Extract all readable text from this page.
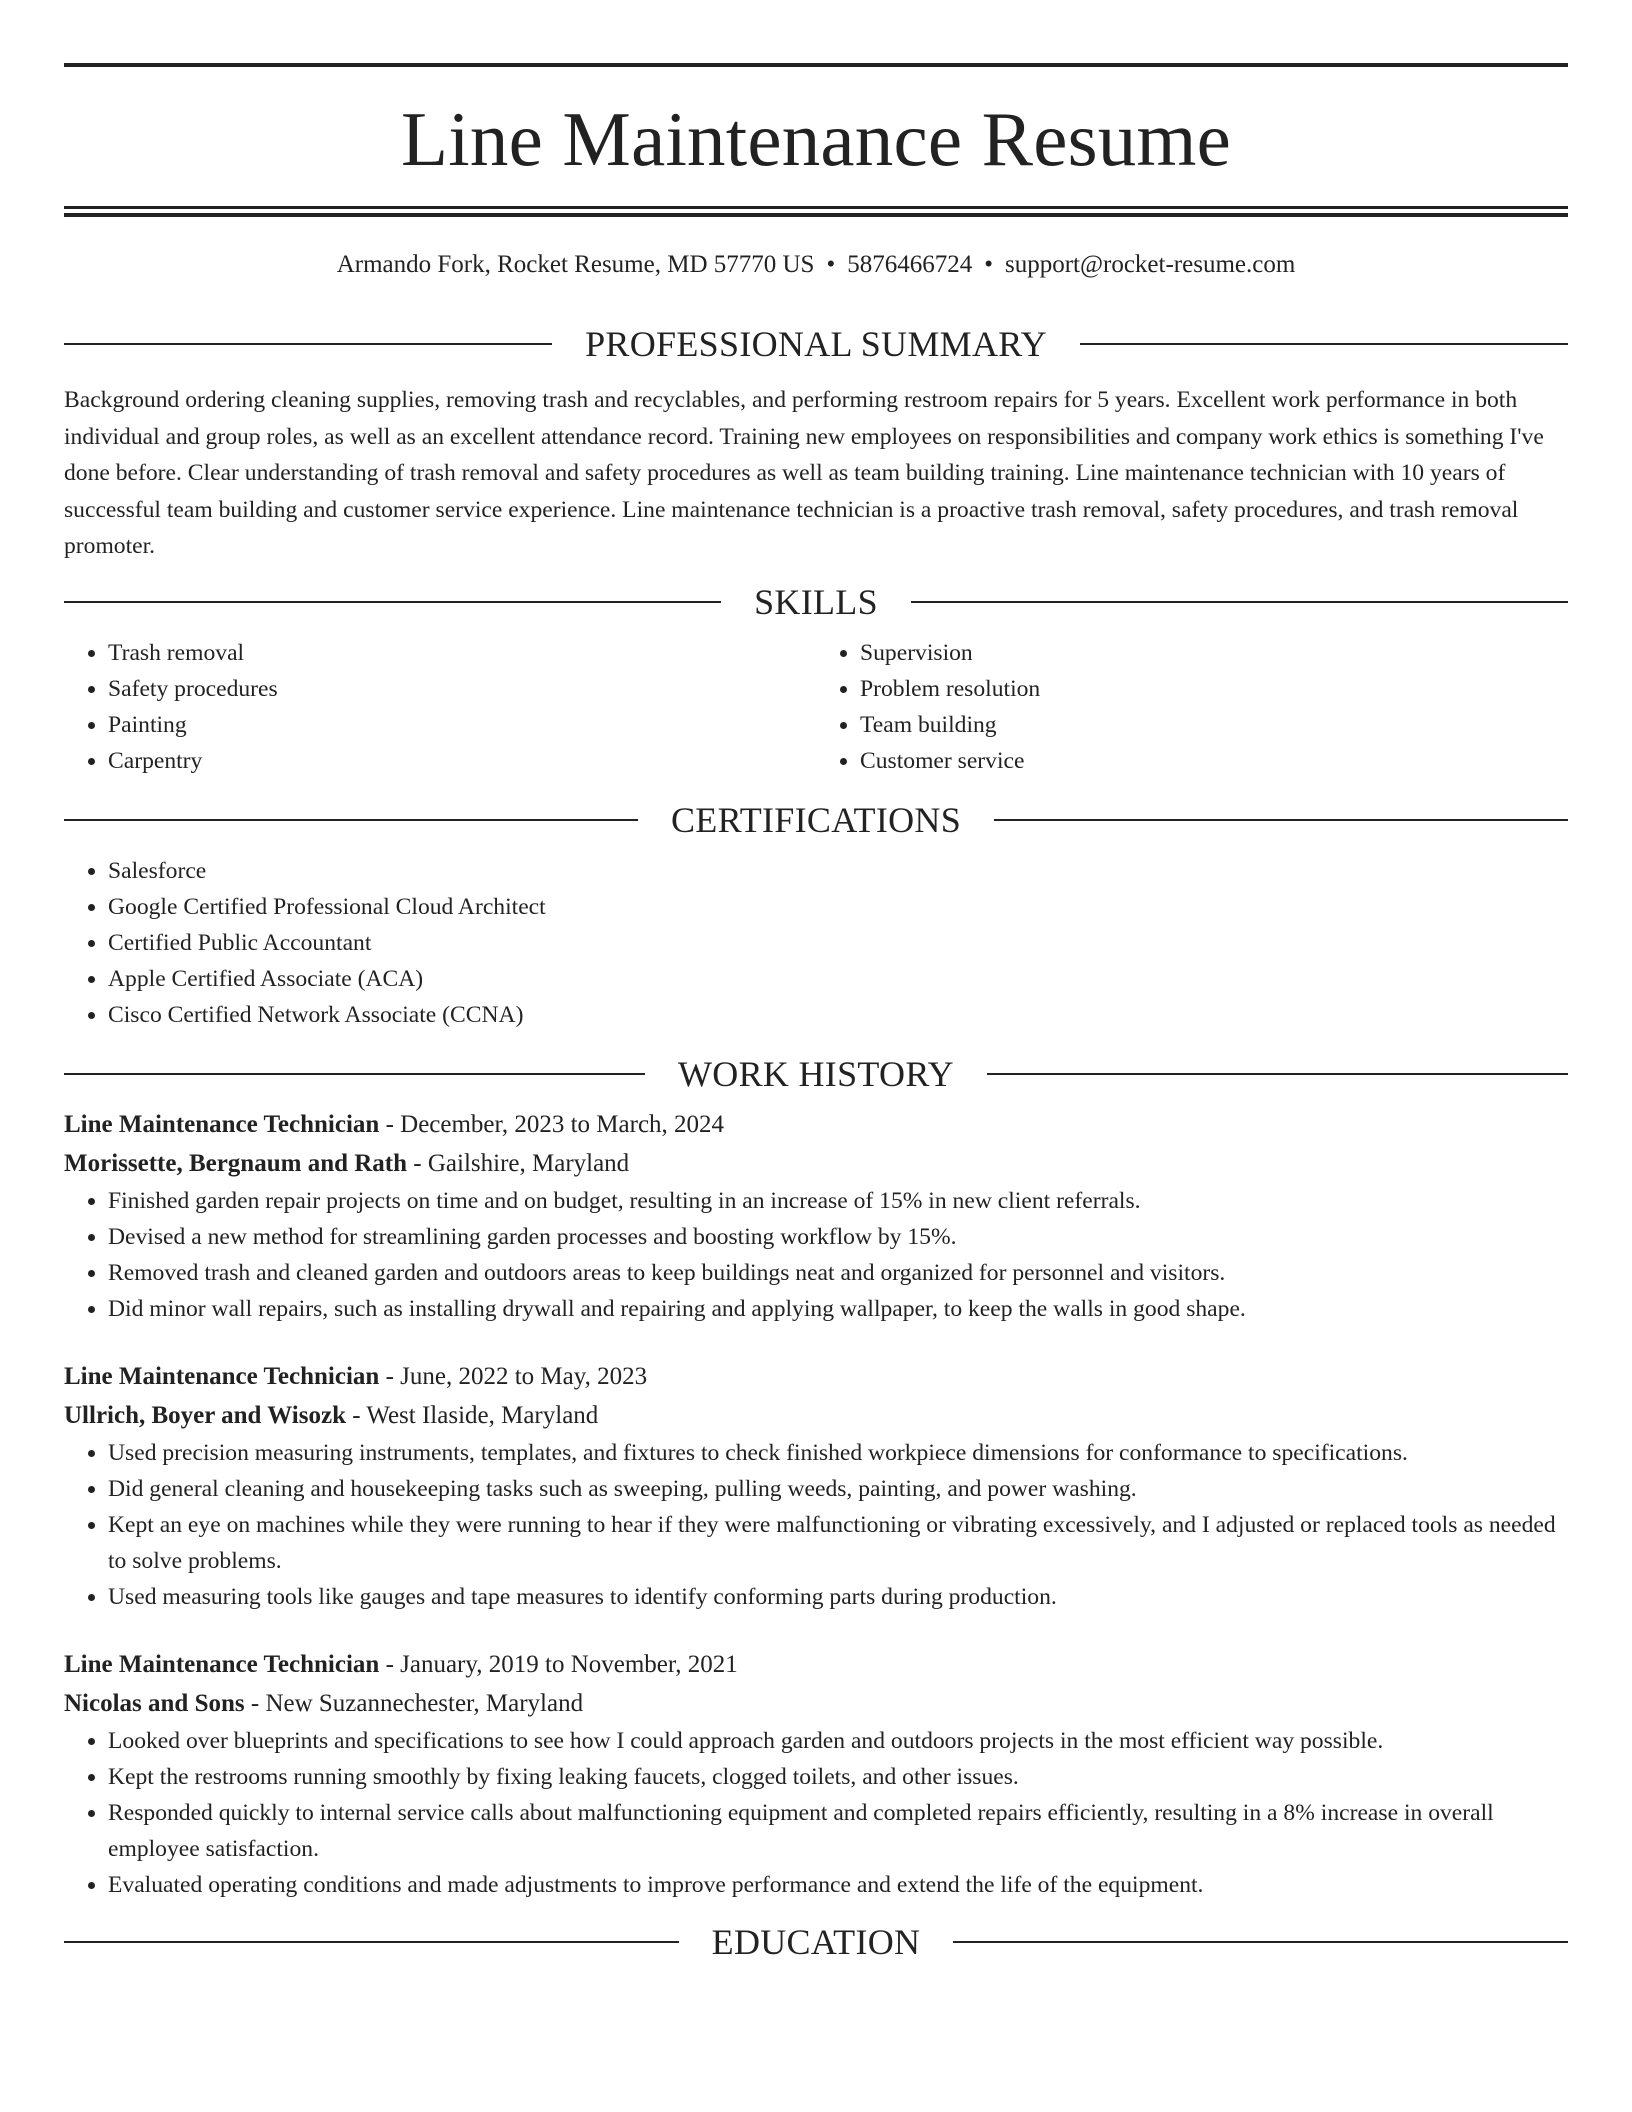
Line Maintenance Resume
Armando Fork, Rocket Resume, MD 57770 US • 5876466724 • support@rocket-resume.com
PROFESSIONAL SUMMARY
Background ordering cleaning supplies, removing trash and recyclables, and performing restroom repairs for 5 years. Excellent work performance in both individual and group roles, as well as an excellent attendance record. Training new employees on responsibilities and company work ethics is something I've done before. Clear understanding of trash removal and safety procedures as well as team building training. Line maintenance technician with 10 years of successful team building and customer service experience. Line maintenance technician is a proactive trash removal, safety procedures, and trash removal promoter.
SKILLS
• Trash removal
• Safety procedures
• Painting
• Carpentry
• Supervision
• Problem resolution
• Team building
• Customer service
CERTIFICATIONS
• Salesforce
• Google Certified Professional Cloud Architect
• Certified Public Accountant
• Apple Certified Associate (ACA)
• Cisco Certified Network Associate (CCNA)
WORK HISTORY
Line Maintenance Technician - December, 2023 to March, 2024
Morissette, Bergnaum and Rath - Gailshire, Maryland
• Finished garden repair projects on time and on budget, resulting in an increase of 15% in new client referrals.
• Devised a new method for streamlining garden processes and boosting workflow by 15%.
• Removed trash and cleaned garden and outdoors areas to keep buildings neat and organized for personnel and visitors.
• Did minor wall repairs, such as installing drywall and repairing and applying wallpaper, to keep the walls in good shape.
Line Maintenance Technician - June, 2022 to May, 2023
Ullrich, Boyer and Wisozk - West Ilaside, Maryland
• Used precision measuring instruments, templates, and fixtures to check finished workpiece dimensions for conformance to specifications.
• Did general cleaning and housekeeping tasks such as sweeping, pulling weeds, painting, and power washing.
• Kept an eye on machines while they were running to hear if they were malfunctioning or vibrating excessively, and I adjusted or replaced tools as needed to solve problems.
• Used measuring tools like gauges and tape measures to identify conforming parts during production.
Line Maintenance Technician - January, 2019 to November, 2021
Nicolas and Sons - New Suzannechester, Maryland
• Looked over blueprints and specifications to see how I could approach garden and outdoors projects in the most efficient way possible.
• Kept the restrooms running smoothly by fixing leaking faucets, clogged toilets, and other issues.
• Responded quickly to internal service calls about malfunctioning equipment and completed repairs efficiently, resulting in a 8% increase in overall employee satisfaction.
• Evaluated operating conditions and made adjustments to improve performance and extend the life of the equipment.
EDUCATION
